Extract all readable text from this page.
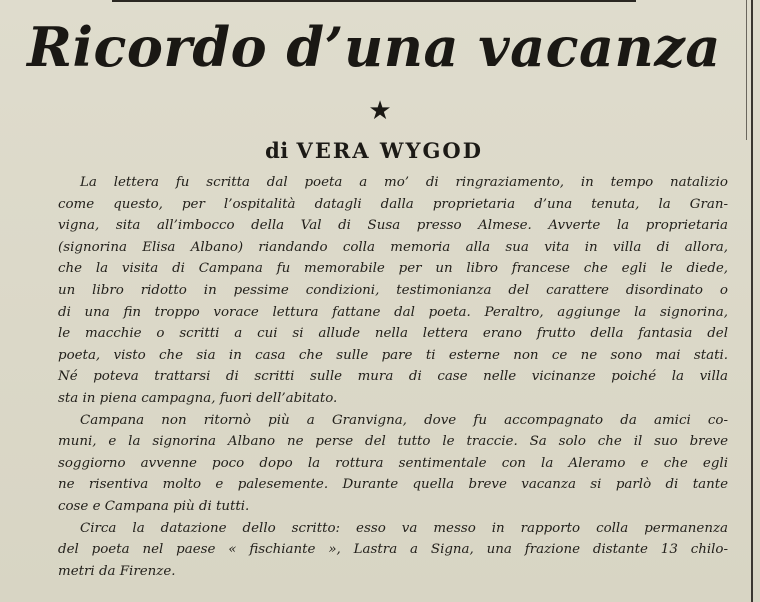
Ricordo d’una vacanza
★
di VERA WYGOD
La lettera fu scritta dal poeta a mo’ di ringraziamento, in tempo natalizio
come questo, per l’ospitalità datagli dalla proprietaria d’una tenuta, la Gran-
vigna, sita all’imbocco della Val di Susa presso Almese. Avverte la proprietaria
(signorina Elisa Albano) riandando colla memoria alla sua vita in villa di allora,
che la visita di Campana fu memorabile per un libro francese che egli le diede,
un libro ridotto in pessime condizioni, testimonianza del carattere disordinato o
di una fin troppo vorace lettura fattane dal poeta. Peraltro, aggiunge la signorina,
le macchie o scritti a cui si allude nella lettera erano frutto della fantasia del
poeta, visto che sia in casa che sulle pare ti esterne non ce ne sono mai stati.
Né poteva trattarsi di scritti sulle mura di case nelle vicinanze poiché la villa
sta in piena campagna, fuori dell’abitato.
Campana non ritornò più a Granvigna, dove fu accompagnato da amici co-
muni, e la signorina Albano ne perse del tutto le traccie. Sa solo che il suo breve
soggiorno avvenne poco dopo la rottura sentimentale con la Aleramo e che egli
ne risentiva molto e palesemente. Durante quella breve vacanza si parlò di tante
cose e Campana più di tutti.
Circa la datazione dello scritto: esso va messo in rapporto colla permanenza
del poeta nel paese « fischiante », Lastra a Signa, una frazione distante 13 chilo-
metri da Firenze.
